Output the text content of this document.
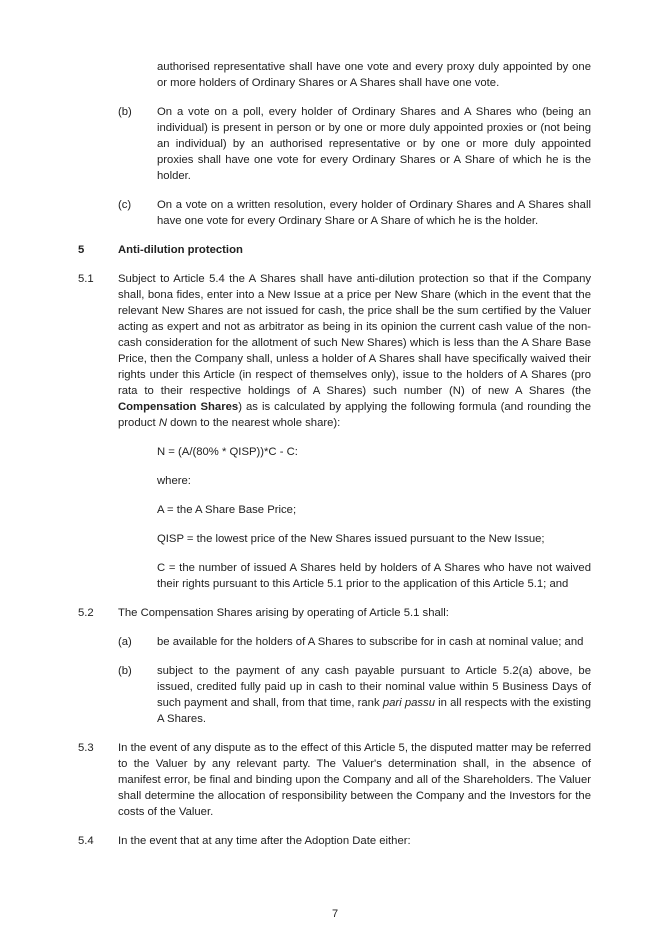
authorised representative shall have one vote and every proxy duly appointed by one or more holders of Ordinary Shares or A Shares shall have one vote.

(b)	On a vote on a poll, every holder of Ordinary Shares and A Shares who (being an individual) is present in person or by one or more duly appointed proxies or (not being an individual) by an authorised representative or by one or more duly appointed proxies shall have one vote for every Ordinary Shares or A Share of which he is the holder.

(c)	On a vote on a written resolution, every holder of Ordinary Shares and A Shares shall have one vote for every Ordinary Share or A Share of which he is the holder.

5	Anti-dilution protection

5.1	Subject to Article 5.4 the A Shares shall have anti-dilution protection so that if the Company shall, bona fides, enter into a New Issue at a price per New Share (which in the event that the relevant New Shares are not issued for cash, the price shall be the sum certified by the Valuer acting as expert and not as arbitrator as being in its opinion the current cash value of the non-cash consideration for the allotment of such New Shares) which is less than the A Share Base Price, then the Company shall, unless a holder of A Shares shall have specifically waived their rights under this Article (in respect of themselves only), issue to the holders of A Shares (pro rata to their respective holdings of A Shares) such number (N) of new A Shares (the Compensation Shares) as is calculated by applying the following formula (and rounding the product N down to the nearest whole share):

N = (A/(80% * QISP))*C - C:

where:

A = the A Share Base Price;

QISP = the lowest price of the New Shares issued pursuant to the New Issue;

C = the number of issued A Shares held by holders of A Shares who have not waived their rights pursuant to this Article 5.1 prior to the application of this Article 5.1; and

5.2	The Compensation Shares arising by operating of Article 5.1 shall:

(a)	be available for the holders of A Shares to subscribe for in cash at nominal value; and

(b)	subject to the payment of any cash payable pursuant to Article 5.2(a) above, be issued, credited fully paid up in cash to their nominal value within 5 Business Days of such payment and shall, from that time, rank pari passu in all respects with the existing A Shares.

5.3	In the event of any dispute as to the effect of this Article 5, the disputed matter may be referred to the Valuer by any relevant party. The Valuer's determination shall, in the absence of manifest error, be final and binding upon the Company and all of the Shareholders. The Valuer shall determine the allocation of responsibility between the Company and the Investors for the costs of the Valuer.

5.4	In the event that at any time after the Adoption Date either:

7
